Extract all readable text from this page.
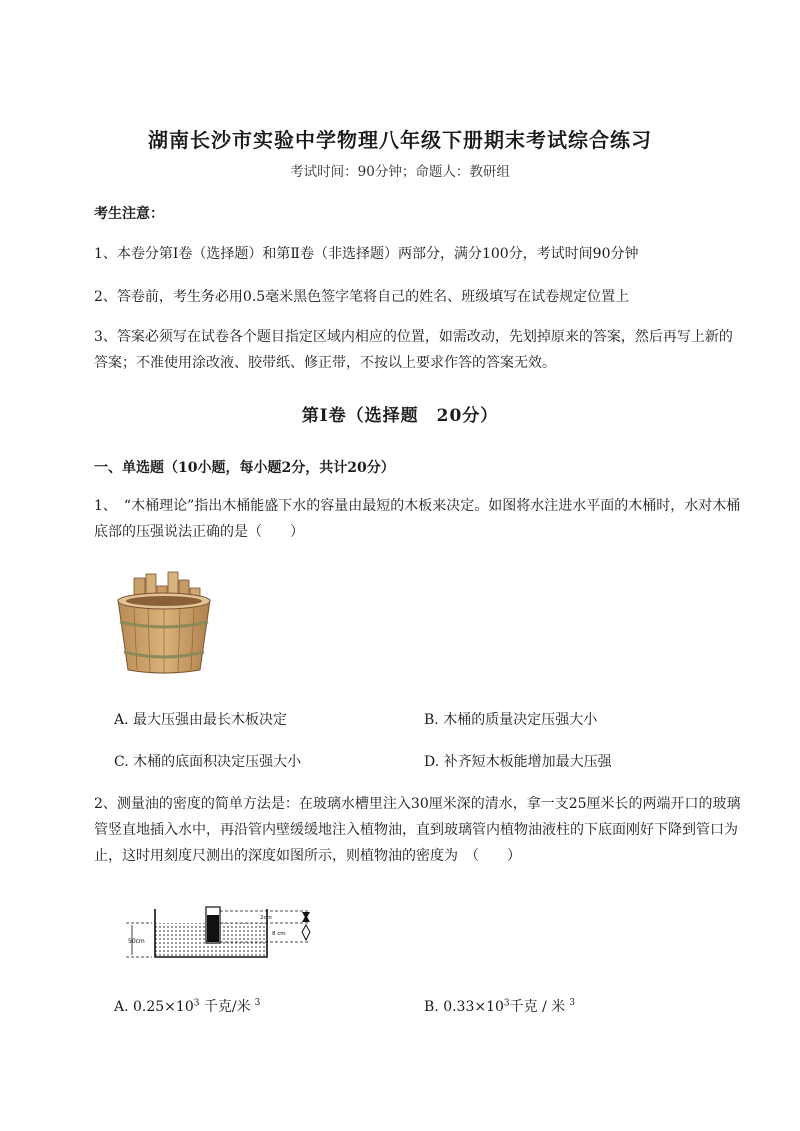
湖南长沙市实验中学物理八年级下册期末考试综合练习
考试时间：90分钟；命题人：教研组
考生注意：
1、本卷分第I卷（选择题）和第Ⅱ卷（非选择题）两部分，满分100分，考试时间90分钟
2、答卷前，考生务必用0.5毫米黑色签字笔将自己的姓名、班级填写在试卷规定位置上
3、答案必须写在试卷各个题目指定区域内相应的位置，如需改动，先划掉原来的答案，然后再写上新的答案；不准使用涂改液、胶带纸、修正带，不按以上要求作答的答案无效。
第I卷（选择题　20分）
一、单选题（10小题，每小题2分，共计20分）
1、　“木桶理论”指出木桶能盛下水的容量由最短的木板来决定。如图将水注进水平面的木桶时，水对木桶底部的压强说法正确的是（　　）
A. 最大压强由最长木板决定	B. 木桶的质量决定压强大小
C. 木桶的底面积决定压强大小	D. 补齐短木板能增加最大压强
2、测量油的密度的简单方法是：在玻璃水槽里注入30厘米深的清水，拿一支25厘米长的两端开口的玻璃管竖直地插入水中，再沿管内壁缓缓地注入植物油，直到玻璃管内植物油液柱的下底面刚好下降到管口为止，这时用刻度尺测出的深度如图所示，则植物油的密度为　（　　）
50cm
2cm
8 cm
A. $0.25\times 10^3$ 千克/米 $^3$	B. $0.33\times 10^3$千克 / 米 $^3$
